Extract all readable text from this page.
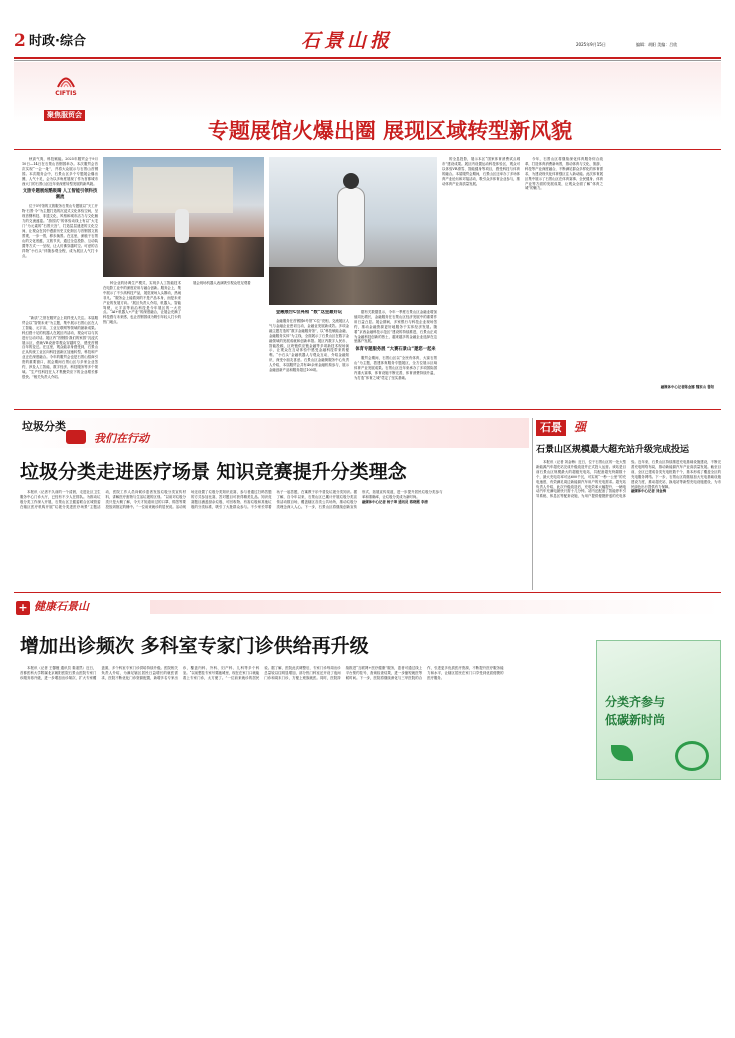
2 时政·综合	石景山报	2025年9月15日	编辑：胡阳 美编：吕欣
CIFTIS
聚焦服贸会
专题展馆火爆出圈 展现区域转型新风貌

秋高气爽，科技赋能。2025年服贸会于9月10日—14日在石景山首钢园举办。本次服贸会首次实现“一会一址”，并将大众展示与石景山首钢园。本次服务会中，石景山区多个专题展会爆出圈，人气十足，会为以多角度展现了作为首都城市西大门的石景山区近年来深度转型发展的新风貌。

文旅专题展炫酷吸睛 人工智能引领科技潮流

位于5号馆的文旅服务石景山专题展以“天工开物·石景·今”为主题打造的沉浸式文化体验空间，呈现首钢科技、非遗文化、风格和城市活力与文化魅力的交流盛宴。“游园式”的体验动线上有以“大宅门”为元素的“石景天宫”，打造层层递进的文化空间，让观众在其中漫游历史文化街区与首钢园文旅景观，一步一景，移步换景。在这里，深植于石景山的文化底蕴，文旅节庆，通过全息投影、互动装置等方式一一呈现，让人仿佛穿越时空。可爱的吉祥物“小石头”伴随参观全程，成为展区人气打卡点。

“新质”之馆在服贸会上同样受人关注。本届服贸会以“智领未来”为主题，集中展示石景山区在人工智能、元宇宙、工业互联网等领域的最新成果。科幻感十足的机器人在展区内活动，观众可以与其进行互动对话。展区内“首钢园·我们的家园”沉浸式展示区，借助VR设备带观众穿越时空，感受首钢百年的变迁。在这里，观众能亲身感受到，石景山正从传统工业区向科技创新区加速转型，科技和产业正在深度融合。今年的服贸会也是石景山招商引资的重要窗口，展会期间石景山区与多家企业签约，涉及人工智能、数字经济、科技服务等多个领域。“生产性科技在人才集聚效应下的企业增长都很快。”相关负责人介绍。

种企业的协调生产模式，实现多人工智能技术在电影工业中的深度应用与融合创新。服务会上，集中展示了不少高科技产品，展览现场人头攒动，热闹非凡。“服务会上能看到的不是产品本身，而是未来产业的发展方向。”展区负责人介绍，机器人、智能驾驶、元宇宙等前沿科技是今年展区的一大亮点。“AI+机器人+产业”的深度融合，让展会充满了科技感与未来感，也让首钢园成为吸引年轻人打卡的热门地点。

展会现场机器人表演吸引观众驻足观看

金融展台C位亮相 “数”这里最好玩

金融服务在首钢园6号馆“C位”亮相，交流展区人气与金融企业密切互动，金融业发展新成效。多项金融主题打造的“数字金融服务馆”，以“科技赋能金融，金融服务实体”为主线，全面展示了石景山区在数字金融领域的发展成就和创新举措。展区内数字人民币、智能投顾、区块链供应链金融等多项新技术现场演示，让观众在互动体验中感受金融科技带来的便利。“小石头”金融机器人与观众互动，介绍金融知识，深受小朋友喜爱。石景山区金融街服务中心负责人介绍，本届服贸会共有40余家金融机构参与，展示金融创新产品和服务超过100项。

据有关数据显示，今年一季度石景山区金融业增加值同比增长，金融服务在石景山区经济发展中的重要作用日益凸显。展会期间，多家银行与科技企业现场签约，推动金融资源更好地服务于实体经济发展。随着“京西金融科技示范区”建设的持续推进，石景山正成为金融科技创新的热土，越来越多的金融企业选择在这里落户发展。

体育专题服务展 “大赛石景山”邀您一起来

服贸会期间，石景山区以“全民有体育，大赛石景山”为主题，搭建体育服务专题展区，全方位展示区域体育产业发展成果。石景山区近年来承办了多项国际国内重大赛事，体育设施不断完善，体育消费持续升温，为打造“体育之城”奠定了坚实基础。

的全息投影，展示本区“国家体育消费试点城市”建设成果。展区内设置运动科技体验区，观众可以体验VR滑雪、智能健身等项目，感受科技与体育的融合。本届服贸会期间，石景山区还举办了多场体育产业论坛和对接活动，吸引众多体育企业参与，推动体育产业高质量发展。

今年，石景山区将继续深化体育服务综合改革，打造体育消费新场景，推动体育与文化、旅游、科技等产业深度融合，不断满足群众多样化的体育需求，为建设现代化体育强区注入新动能。此次体育展区集中展示了石景山区在体育赛事、全民健身、体育产业等方面的发展成果，让观众全面了解“体育之城”的魅力。

融媒体中心记者陈金娜 魏家山 鲁阳

垃圾分类
我们在行动
垃圾分类走进医疗场景 知识竞赛提升分类理念

本报讯（记者不久前的一个清晨，走进社区卫生服务中心门诊大厅，已经有不少人在排队。为推动垃圾分类工作深入开展，石景山区卫健委联合区城管委在辖区医疗机构开展“垃圾分类进医疗场景”主题活动，医院工作人员向候诊患者发放垃圾分类宣传材料，讲解医疗废物与生活垃圾的区别。“以前对垃圾分类只是大概了解，今天才知道用过的口罩、棉签等要投放到指定的桶中。”一位前来就诊的居民说。活动现场还设置了垃圾分类知识竞赛，参与者通过扫码答题的方式参加比赛，答对题目可获得精美礼品。知识竞赛题目涵盖厨余垃圾、可回收物、有害垃圾和其他垃圾的分类标准，吸引了大批群众参与。不少家长带着孩子一起答题，在寓教于乐中普及垃圾分类知识。据了解，自今年以来，石景山区已累计开展垃圾分类宣传活动数百场，覆盖辖区各类公共场所，推动垃圾分类理念深入人心。下一步，石景山区将继续创新宣传形式，拓展宣传渠道，进一步提升居民垃圾分类参与率和准确率，让垃圾分类成为新时尚。

融媒体中心记者 杨子坤 通讯员 蒋晓霞 李清

石景	强
石景山区规模最大超充站升级完成投运

本报讯（记者 刘金梅）近日，位于石景山区的一处大型新能源汽车超充站完成升级改造并正式投入运营。该站是目前石景山区规模最大的超级充电站，共配备超充终端数十个，最大充电功率可达600千瓦，可实现“一秒一公里”的充电速度，有效满足周边新能源汽车用户的充电需求。超充站负责人介绍，此次升级改造后，充电效率大幅提升，一辆电动汽车充满电最快只需十几分钟。站内还配备了智能停车引导系统、休息区等配套设施，为用户提供便捷舒适的充电体验。近年来，石景山区持续推进充电基础设施建设，不断完善充电网络布局，推动新能源汽车产业高质量发展。截至目前，全区已建成各类充电桩数千个，基本形成了覆盖全区的充电服务网络。下一步，石景山区将继续加大充电基础设施建设力度，推动超充站、换电站等新型充电设施建设，为市民绿色出行提供有力保障。

融媒体中心记者 刘金梅

+ 健康石景山
增加出诊频次 多科室专家门诊供给再升级

本报讯（记者 王馨檀 通讯员 秦道然）近日，首都医科大学附属北京朝阳医院石景山医院专家门诊服务再升级，进一步增加出诊频次、扩大专家覆盖面，多个科室专家门诊供给持续升级。医院相关负责人介绍，为满足辖区居民日益增长的就医需求，医院不断优化门诊资源配置，新增多名专家出诊，覆盖内科、外科、妇产科、儿科等多个科室。“以前想挂专家号要跑城里，现在在家门口就能看上专家门诊，太方便了。”一位前来就诊的居民说。据了解，医院此次调整后，专家门诊每周出诊总量较以往明显增加，部分热门科室还开设了夜间门诊和周末门诊，方便上班族就医。同时，医院持续推进“互联网+医疗健康”服务，患者可通过线上平台预约挂号、查询检查结果，进一步缩短就医等候时间。下一步，医院将继续深化与三甲医院的合作，引进更多优质医疗资源，不断提升医疗服务能力和水平，让辖区居民在家门口享受到优质便捷的医疗服务。

分类齐参与
低碳新时尚
